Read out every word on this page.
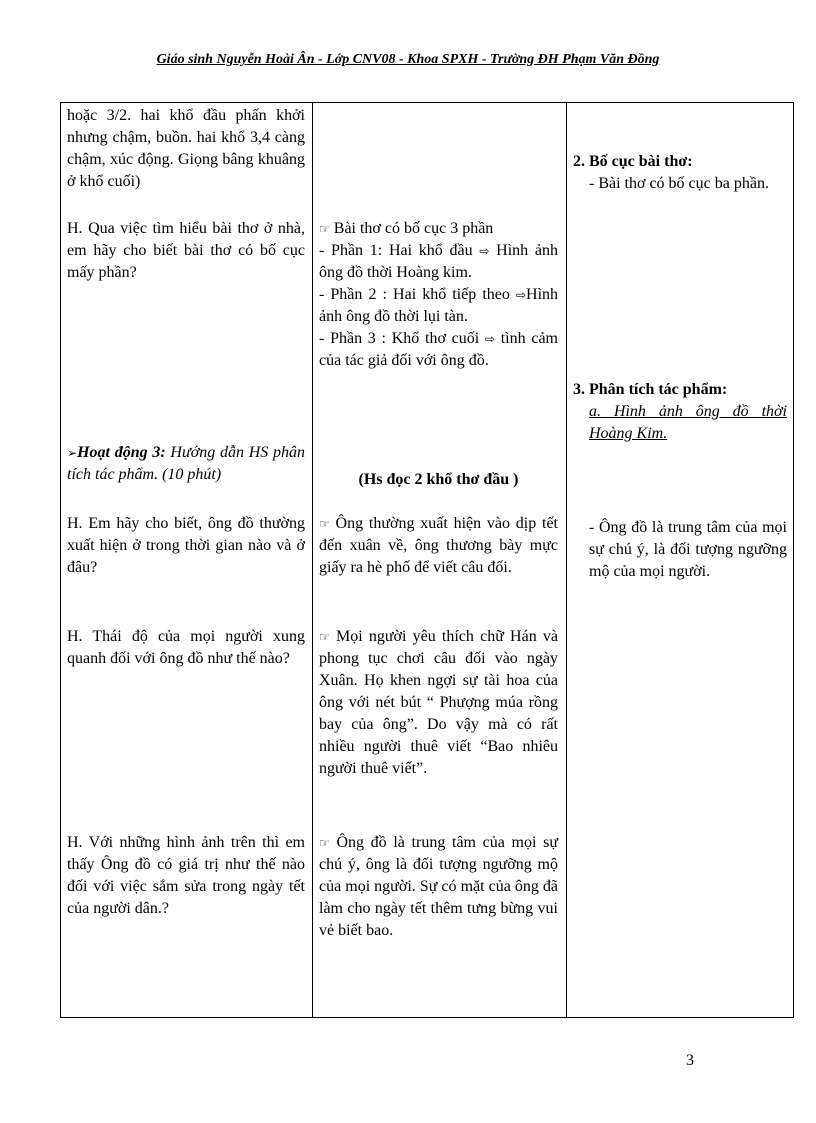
Giáo sinh Nguyễn Hoài Ân - Lớp CNV08 - Khoa SPXH - Trường ĐH Phạm Văn Đồng

hoặc 3/2. hai khổ đầu phấn khởi nhưng chậm, buồn. hai khổ 3,4 càng chậm, xúc động. Giọng bâng khuâng ở khổ cuối)

H. Qua việc tìm hiểu bài thơ ở nhà, em hãy cho biết bài thơ có bố cục mấy phần?

➢Hoạt động 3: Hướng dẫn HS phân tích tác phẩm. (10 phút)

H. Em hãy cho biết, ông đồ thường xuất hiện ở trong thời gian nào và ở đâu?

H. Thái độ của mọi người xung quanh đối với ông đồ như thế nào?

H. Với những hình ảnh trên thì em thấy Ông đồ có giá trị như thế nào đối với việc sắm sửa trong ngày tết của người dân.?

☞ Bài thơ có bố cục 3 phần

- Phần 1: Hai khổ đầu ⇨ Hình ảnh ông đồ thời Hoàng kim.

- Phần 2 : Hai khổ tiếp theo ⇨Hình ảnh ông đồ thời lụi tàn.

- Phần 3 : Khổ thơ cuối ⇨ tình cảm của tác giả đối với ông đồ.

(Hs đọc 2 khổ thơ đầu )

☞ Ông thường xuất hiện vào dịp tết đến xuân về, ông thương bày mực giấy ra hè phố để viết câu đối.

☞ Mọi người yêu thích chữ Hán và phong tục chơi câu đối vào ngày Xuân. Họ khen ngợi sự tài hoa của ông với nét bút “ Phượng múa rồng bay của ông”. Do vậy mà có rất nhiều người thuê viết “Bao nhiêu người thuê viết”.

☞ Ông đồ là trung tâm của mọi sự chú ý, ông là đối tượng ngưỡng mộ của mọi người. Sự có mặt của ông đã làm cho ngày tết thêm tưng bừng vui vẻ biết bao.

2. Bố cục bài thơ:

- Bài thơ có bố cục ba phần.

3. Phân tích tác phẩm:

a. Hình ảnh ông đồ thời Hoàng Kim.

- Ông đồ là trung tâm của mọi sự chú ý, là đối tượng ngưỡng mộ của mọi người.

3
